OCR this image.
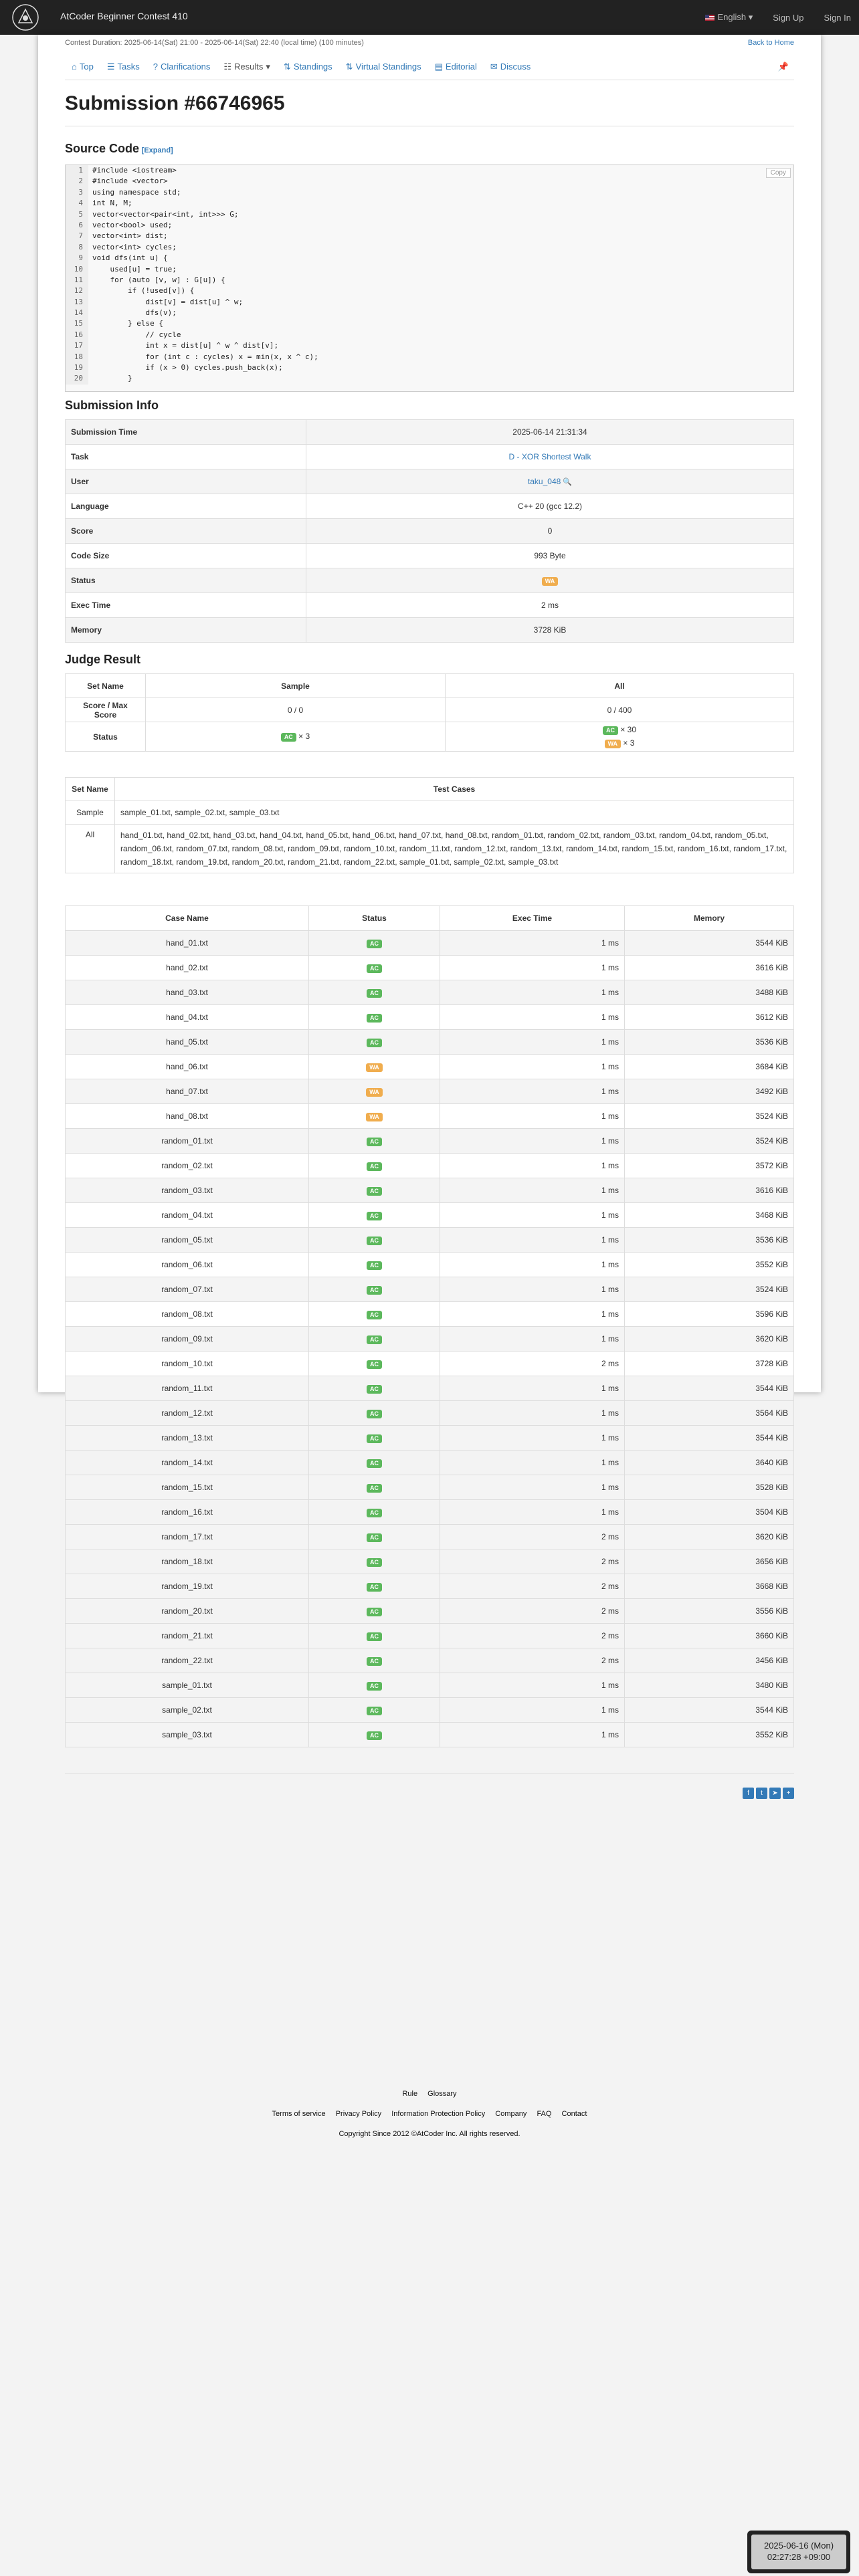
AtCoder Beginner Contest 410	English ▾ Sign Up Sign In
Contest Duration: 2025-06-14(Sat) 21:00 - 2025-06-14(Sat) 22:40 (local time) (100 minutes)	Back to Home
⌂ Top ☰ Tasks ? Clarifications ☷ Results ▾ ⇅ Standings ⇅ Virtual Standings ▤ Editorial ✉ Discuss	📌
Submission #66746965
Source Code [Expand]
Copy
1	#include <iostream>
2	#include <vector>
3	using namespace std;
4	int N, M;
5	vector<vector<pair<int, int>>> G;
6	vector<bool> used;
7	vector<int> dist;
8	vector<int> cycles;
9	void dfs(int u) {
10	used[u] = true;
11	for (auto [v, w] : G[u]) {
12	if (!used[v]) {
13	dist[v] = dist[u] ^ w;
14	dfs(v);
15	} else {
16	// cycle
17	int x = dist[u] ^ w ^ dist[v];
18	for (int c : cycles) x = min(x, x ^ c);
19	if (x > 0) cycles.push_back(x);
20	}
Submission Info
Submission Time	2025-06-14 21:31:34
Task	D - XOR Shortest Walk
User	taku_048 🔍
Language	C++ 20 (gcc 12.2)
Score	0
Code Size	993 Byte
Status	WA
Exec Time	2 ms
Memory	3728 KiB
Judge Result
Set Name	Sample	All
Score / Max Score	0 / 0	0 / 400
Status	AC × 3	AC × 30
WA × 3
Set Name	Test Cases
Sample	sample_01.txt, sample_02.txt, sample_03.txt
All	hand_01.txt, hand_02.txt, hand_03.txt, hand_04.txt, hand_05.txt, hand_06.txt, hand_07.txt, hand_08.txt, random_01.txt, random_02.txt, random_03.txt, random_04.txt, random_05.txt, random_06.txt, random_07.txt, random_08.txt, random_09.txt, random_10.txt, random_11.txt, random_12.txt, random_13.txt, random_14.txt, random_15.txt, random_16.txt, random_17.txt, random_18.txt, random_19.txt, random_20.txt, random_21.txt, random_22.txt, sample_01.txt, sample_02.txt, sample_03.txt
Case Name	Status	Exec Time	Memory
hand_01.txt	AC	1 ms	3544 KiB
hand_02.txt	AC	1 ms	3616 KiB
hand_03.txt	AC	1 ms	3488 KiB
hand_04.txt	AC	1 ms	3612 KiB
hand_05.txt	AC	1 ms	3536 KiB
hand_06.txt	WA	1 ms	3684 KiB
hand_07.txt	WA	1 ms	3492 KiB
hand_08.txt	WA	1 ms	3524 KiB
random_01.txt	AC	1 ms	3524 KiB
random_02.txt	AC	1 ms	3572 KiB
random_03.txt	AC	1 ms	3616 KiB
random_04.txt	AC	1 ms	3468 KiB
random_05.txt	AC	1 ms	3536 KiB
random_06.txt	AC	1 ms	3552 KiB
random_07.txt	AC	1 ms	3524 KiB
random_08.txt	AC	1 ms	3596 KiB
random_09.txt	AC	1 ms	3620 KiB
random_10.txt	AC	2 ms	3728 KiB
random_11.txt	AC	1 ms	3544 KiB
random_12.txt	AC	1 ms	3564 KiB
random_13.txt	AC	1 ms	3544 KiB
random_14.txt	AC	1 ms	3640 KiB
random_15.txt	AC	1 ms	3528 KiB
random_16.txt	AC	1 ms	3504 KiB
random_17.txt	AC	2 ms	3620 KiB
random_18.txt	AC	2 ms	3656 KiB
random_19.txt	AC	2 ms	3668 KiB
random_20.txt	AC	2 ms	3556 KiB
random_21.txt	AC	2 ms	3660 KiB
random_22.txt	AC	2 ms	3456 KiB
sample_01.txt	AC	1 ms	3480 KiB
sample_02.txt	AC	1 ms	3544 KiB
sample_03.txt	AC	1 ms	3552 KiB
f	t	➤	+
Rule Glossary
Terms of service Privacy Policy Information Protection Policy Company FAQ Contact
Copyright Since 2012 ©AtCoder Inc. All rights reserved.
2025-06-16 (Mon)
02:27:28 +09:00
